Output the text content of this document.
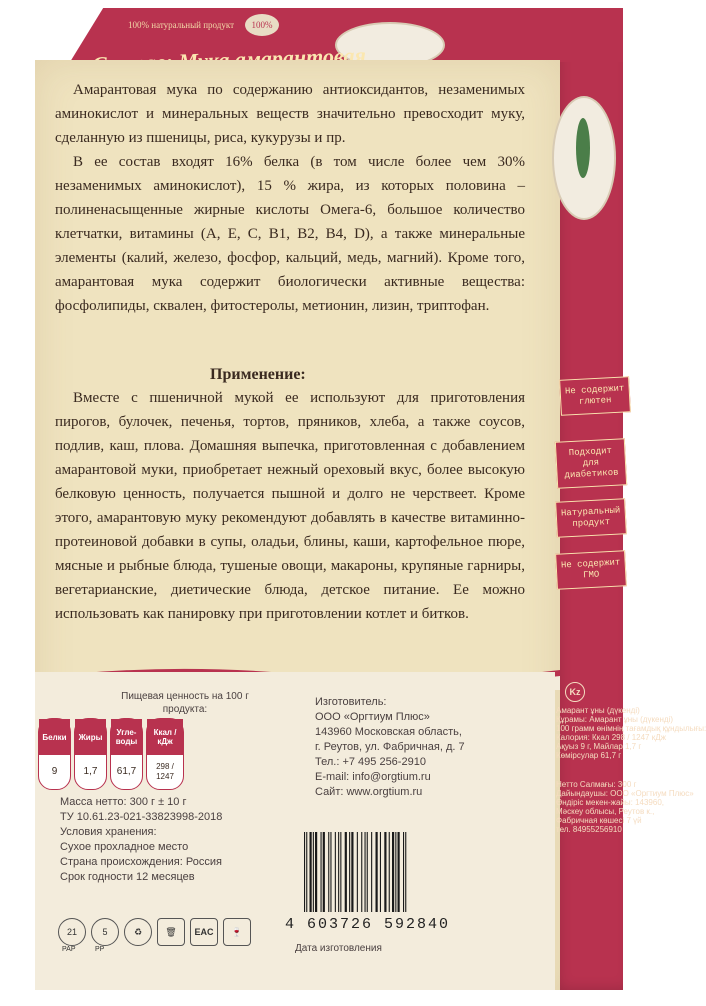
100% натуральный продукт	100%
Не содержит глютен
Подходит для диабетиков
Натуральный продукт
Не содержит ГМО
Kz
Амарант ұны (дүкенді)
Құрамы: Амарант ұны (дүкенді)
100 грамм өнімнің тағамдық құндылығы:
Калория: Ккал 298 / 1247 кДж
Ақуыз 9 г, Майлар 1,7 г
Көмірсулар 61,7 г
Нетто Салмағы: 300 г
Дайындаушы: ООО «Оргтиум Плюс»
Өндіріс мекен-жайы: 143960,
Мәскеу облысы, Реутов к.,
Фабричная көшесі 7 үй
тел. 84955256910

Амарантовая мука по содержанию антиоксидантов, незаменимых аминокислот и минеральных веществ значительно превосходит муку, сделанную из пшеницы, риса, кукурузы и пр.

В ее состав входят 16% белка (в том числе более чем 30% незаменимых аминокислот), 15 % жира, из которых половина – полиненасыщенные жирные кислоты Омега-6, большое количество клетчатки, витамины (A, E, C, B1, B2, B4, D), а также минеральные элементы (калий, железо, фосфор, кальций, медь, магний). Кроме того, амарантовая мука содержит биологически активные вещества: фосфолипиды, сквален, фитостеролы, метионин, лизин, триптофан.

Применение:

Вместе с пшеничной мукой ее используют для приготовления пирогов, булочек, печенья, тортов, пряников, хлеба, а также соусов, подлив, каш, плова. Домашняя выпечка, приготовленная с добавлением амарантовой муки, приобретает нежный ореховый вкус, более высокую белковую ценность, получается пышной и долго не черствеет. Кроме этого, амарантовую муку рекомендуют добавлять в качестве витаминно-протеиновой добавки в супы, оладьи, блины, каши, картофельное пюре, мясные и рыбные блюда, тушеные овощи, макароны, крупяные гарниры, вегетарианские, диетические блюда, детское питание. Ее можно использовать как панировку при приготовлении котлет и битков.

Пищевая ценность на 100 г продукта:
Белки
9
Жиры
1,7
Угле-воды
61,7
Ккал / кДж
298 / 1247
Масса нетто: 300 г ± 10 г
ТУ 10.61.23-021-33823998-2018
Условия хранения:
Сухое прохладное место
Страна происхождения: Россия
Срок годности 12 месяцев
Изготовитель:
ООО «Оргтиум Плюс»
143960 Московская область,
г. Реутов, ул. Фабричная, д. 7
Тел.: +7 495 256-2910
E-mail: info@orgtium.ru
Сайт: www.orgtium.ru
21	5	♻	🗑	EAC	🍷
PAP	PP
4 603726 592840
Дата изготовления
